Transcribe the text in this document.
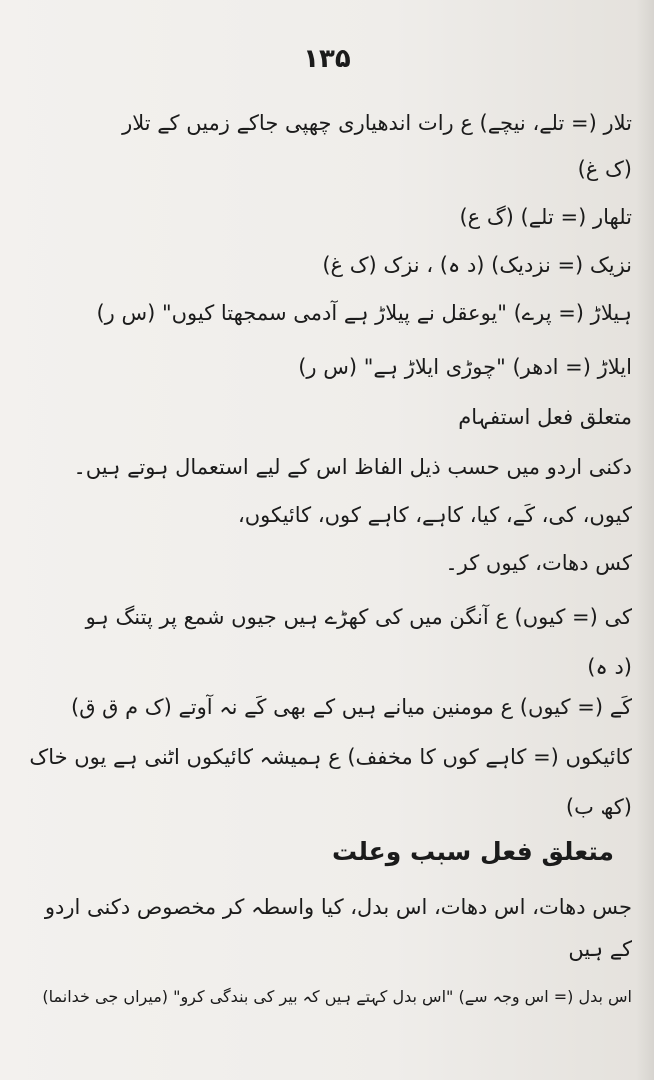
۱۳۵
تلار (= تلے، نیچے) ع رات اندھیاری چھپی جاکے زمیں کے تلار
(ک غ)
تلھار (= تلے) (گ ع)
نزیک (= نزدیک) (د ہ) ، نزک (ک غ)
ہیلاڑ (= پرے) "یوعقل نے پیلاڑ ہے آدمی سمجھتا کیوں" (س ر)
ایلاڑ (= ادھر) "چوڑی ایلاڑ ہے" (س ر)
متعلق فعل استفہام
دکنی اردو میں حسب ذیل الفاظ اس کے لیے استعمال ہوتے ہیں۔
کیوں، کی، کَے، کیا، کاہے، کاہے کوں، کائیکوں،
کس دھات، کیوں کر۔
کی (= کیوں) ع آنگن میں کی کھڑے ہیں جیوں شمع پر پتنگ ہو
(د ہ)
کَے (= کیوں) ع مومنین میانے ہیں کے بھی کَے نہ آوتے (ک م ق ق)
کائیکوں (= کاہے کوں کا مخفف) ع ہمیشہ کائیکوں اٹنی ہے یوں خاک
(کھ ب)
متعلق فعل سبب وعلت
جس دھات، اس دھات، اس بدل، کیا واسطہ کر مخصوص دکنی اردو
کے ہیں
اس بدل (= اس وجہ سے) "اس بدل کہتے ہیں کہ بیر کی بندگی کرو" (میراں جی خدانما)
